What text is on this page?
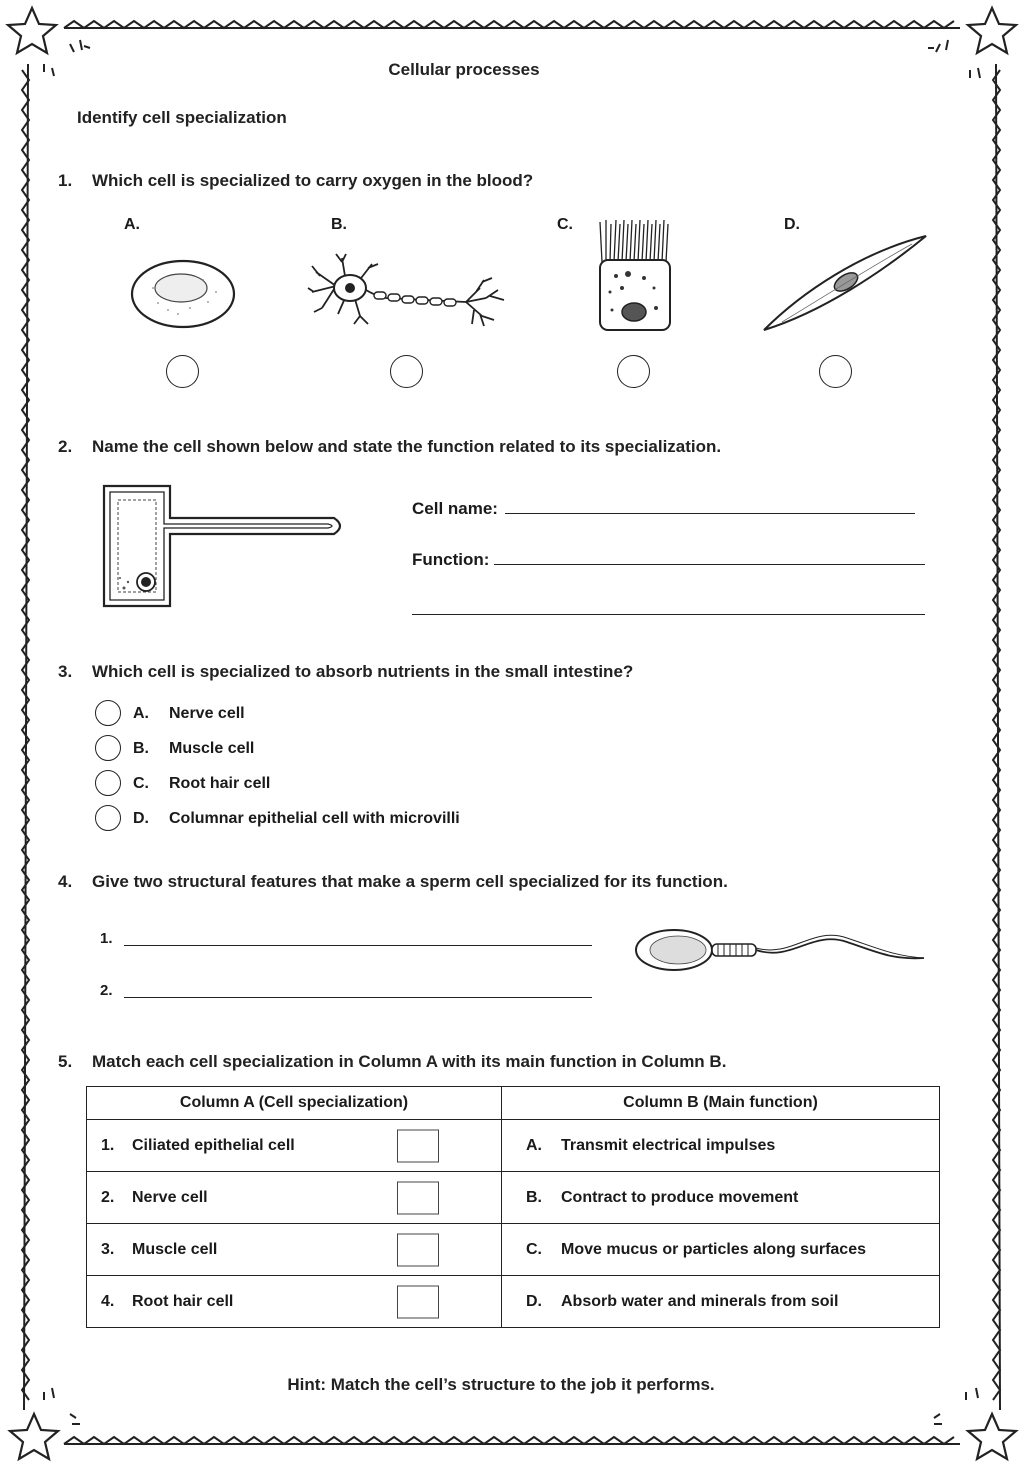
Cellular processes
Identify cell specialization
1. Which cell is specialized to carry oxygen in the blood?
A.	B.	C.	D.
2. Name the cell shown below and state the function related to its specialization.
Cell name:
Function:
3. Which cell is specialized to absorb nutrients in the small intestine?
A. Nerve cell
B. Muscle cell
C. Root hair cell
D. Columnar epithelial cell with microvilli
4. Give two structural features that make a sperm cell specialized for its function.
1.
2.
5. Match each cell specialization in Column A with its main function in Column B.
Column A (Cell specialization)	Column B (Main function)

1. Ciliated epithelial cell	A. Transmit electrical impulses

2. Nerve cell	B. Contract to produce movement

3. Muscle cell	C. Move mucus or particles along surfaces

4. Root hair cell	D. Absorb water and minerals from soil
Hint: Match the cell’s structure to the job it performs.
